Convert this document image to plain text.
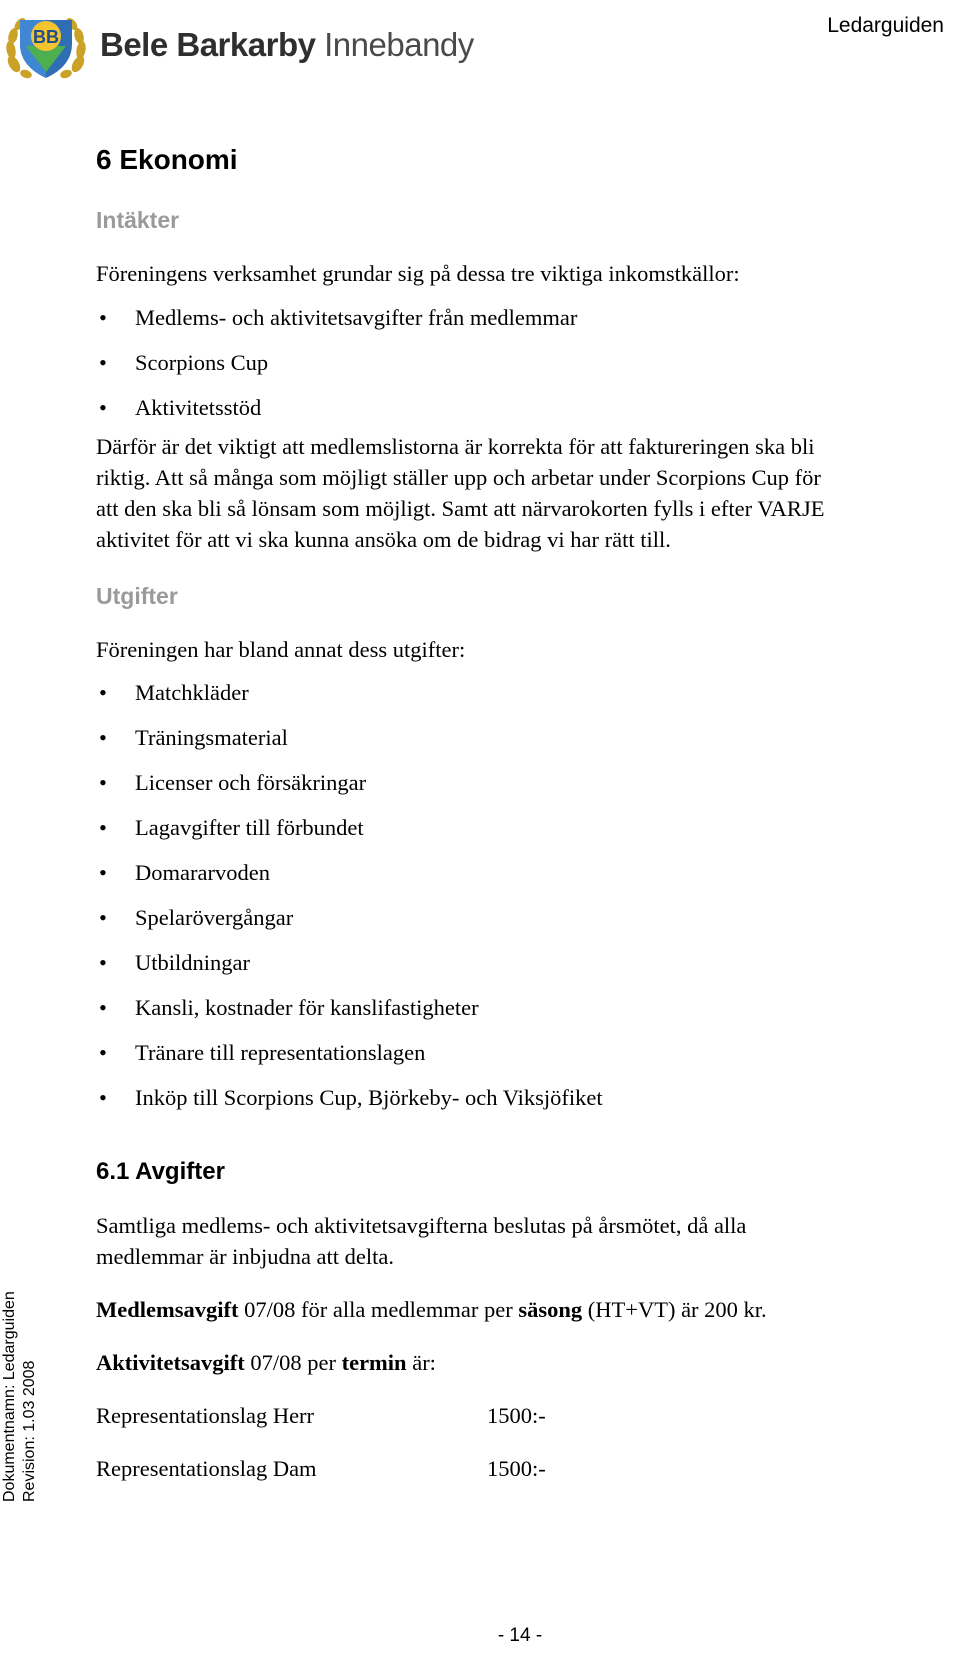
BB Bele Barkarby Innebandy
Ledarguiden
6 Ekonomi
Intäkter

Föreningens verksamhet grundar sig på dessa tre viktiga inkomstkällor:

• Medlems- och aktivitetsavgifter från medlemmar
• Scorpions Cup
• Aktivitetsstöd

Därför är det viktigt att medlemslistorna är korrekta för att faktureringen ska bli
riktig. Att så många som möjligt ställer upp och arbetar under Scorpions Cup för
att den ska bli så lönsam som möjligt. Samt att närvarokorten fylls i efter VARJE
aktivitet för att vi ska kunna ansöka om de bidrag vi har rätt till.

Utgifter

Föreningen har bland annat dess utgifter:

• Matchkläder
• Träningsmaterial
• Licenser och försäkringar
• Lagavgifter till förbundet
• Domararvoden
• Spelarövergångar
• Utbildningar
• Kansli, kostnader för kanslifastigheter
• Tränare till representationslagen
• Inköp till Scorpions Cup, Björkeby- och Viksjöfiket
6.1 Avgifter

Samtliga medlems- och aktivitetsavgifterna beslutas på årsmötet, då alla
medlemmar är inbjudna att delta.

Medlemsavgift 07/08 för alla medlemmar per säsong (HT+VT) är 200 kr.

Aktivitetsavgift 07/08 per termin är:

Representationslag Herr	1500:-
Representationslag Dam	1500:-
Dokumentnamn: Ledarguiden Revision: 1.03 2008
- 14 -
